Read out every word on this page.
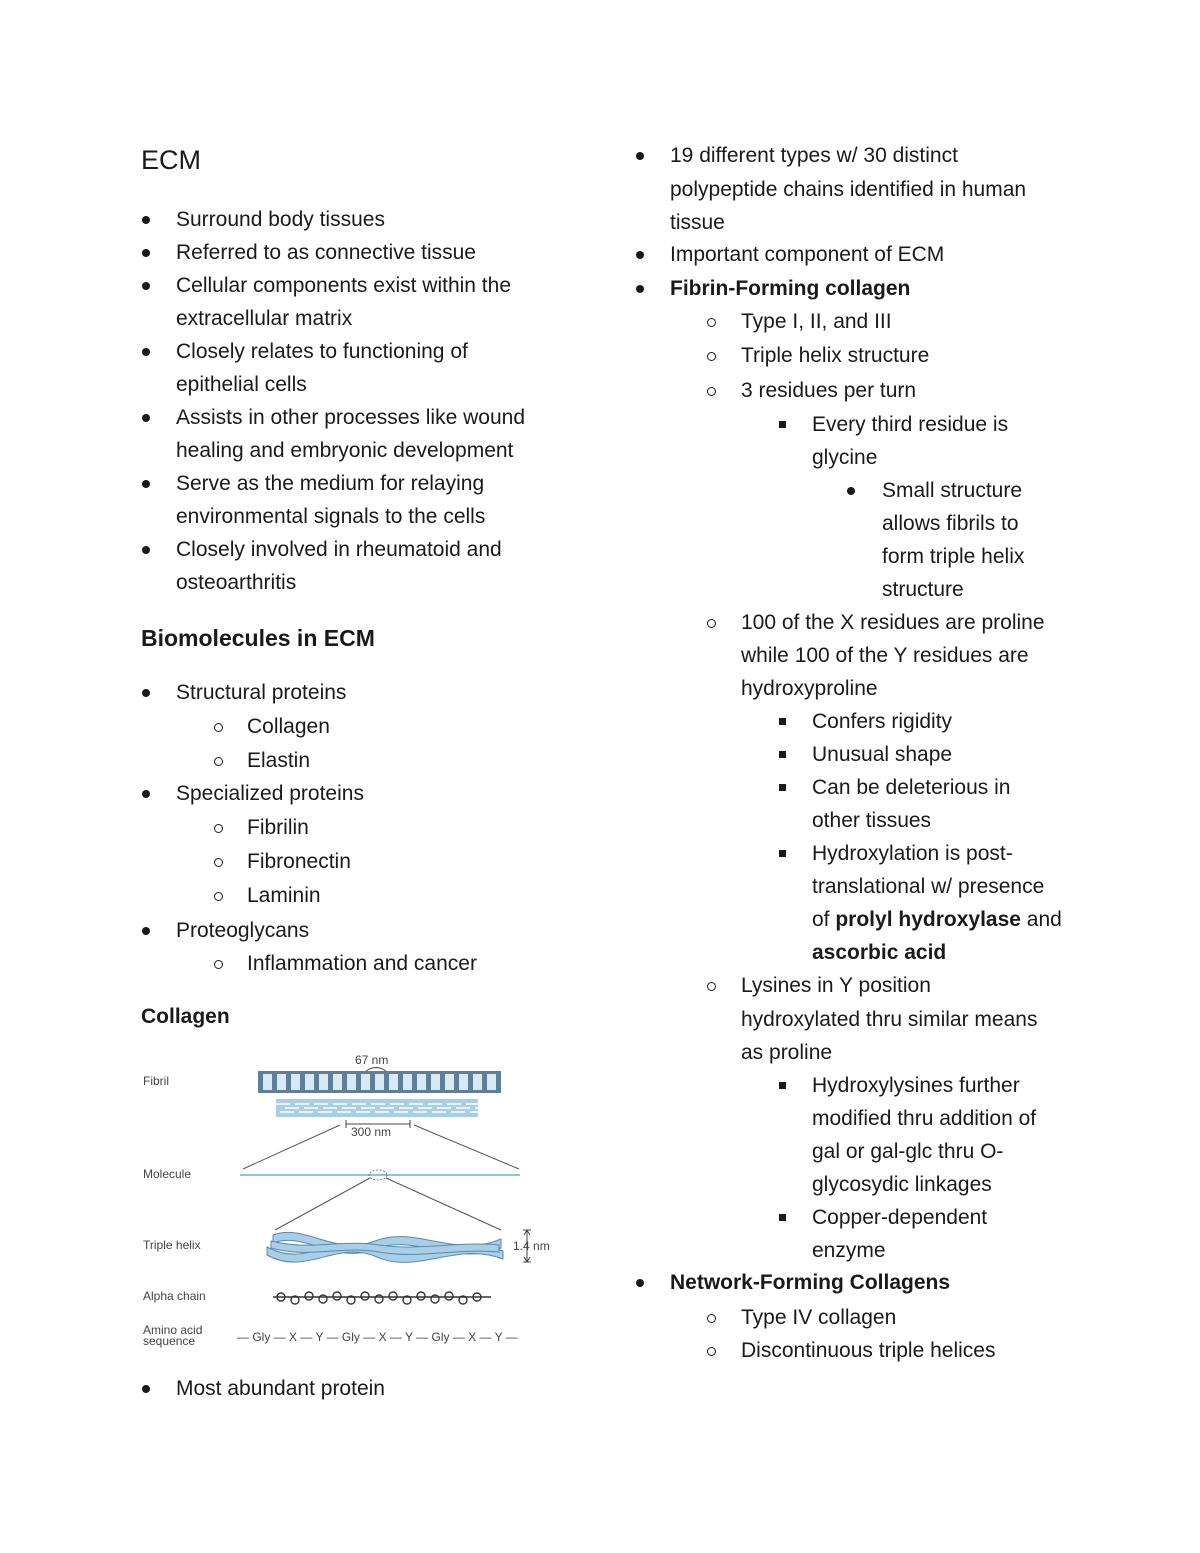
ECM
Surround body tissues
Referred to as connective tissue
Cellular components exist within the
extracellular matrix
Closely relates to functioning of
epithelial cells
Assists in other processes like wound
healing and embryonic development
Serve as the medium for relaying
environmental signals to the cells
Closely involved in rheumatoid and
osteoarthritis
Biomolecules in ECM
Structural proteins
Collagen
Elastin
Specialized proteins
Fibrilin
Fibronectin
Laminin
Proteoglycans
Inflammation and cancer
Collagen
Fibril
67 nm
300 nm
Molecule
Triple helix	1.4 nm
Alpha chain
Amino acid
sequence	— Gly — X — Y — Gly — X — Y — Gly — X — Y —
Most abundant protein
19 different types w/ 30 distinct
polypeptide chains identified in human
tissue
Important component of ECM
Fibrin-Forming collagen
Type I, II, and III
Triple helix structure
3 residues per turn
Every third residue is
glycine
Small structure
allows fibrils to
form triple helix
structure
100 of the X residues are proline
while 100 of the Y residues are
hydroxyproline
Confers rigidity
Unusual shape
Can be deleterious in
other tissues
Hydroxylation is post-
translational w/ presence
of prolyl hydroxylase and
ascorbic acid
Lysines in Y position
hydroxylated thru similar means
as proline
Hydroxylysines further
modified thru addition of
gal or gal-glc thru O-
glycosydic linkages
Copper-dependent
enzyme
Network-Forming Collagens
Type IV collagen
Discontinuous triple helices
